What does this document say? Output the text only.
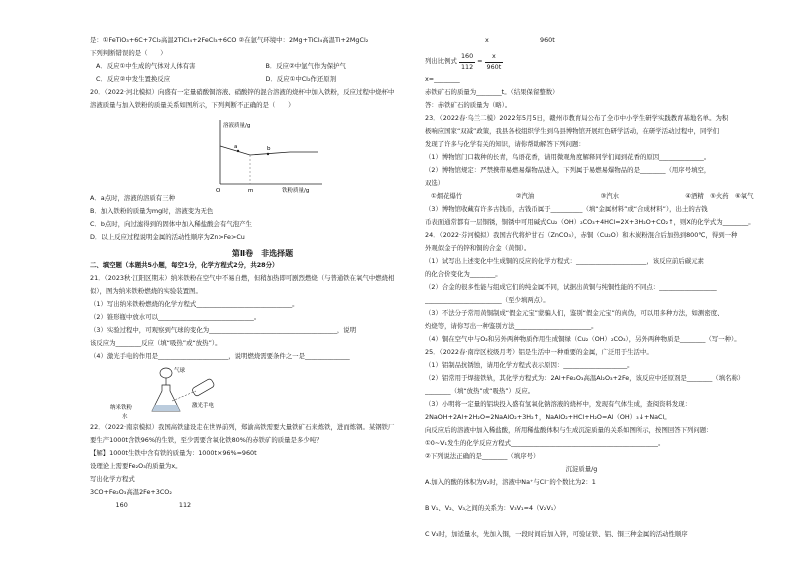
是：①FeTiO₃+6C+7Cl₂高温2TiCl₄+2FeCl₃+6CO ②在氩气环境中：2Mg+TiCl₄高温Ti+2MgCl₂
下列判断错误的是（　　）
A．反应①中生成的气体对人体有害	B．反应②中氩气作为保护气
C．反应②中发生置换反应	D．反应①中Cl₂作还原剂
20．（2022·河北模拟）向盛有一定量硝酸铜溶液、硝酸锌的混合溶液的烧杯中加入铁粉，反应过程中烧杯中
溶液质量与加入铁粉的质量关系如图所示，下列判断不正确的是（　　）
溶液质量/g
a	b
O	m	铁粉质量/g
A．a点时，溶液的溶质有三种
B．加入铁粉的质量为mg时，溶液变为无色
C．b点时，向过滤得到的固体中加入稀盐酸会有气泡产生
D．以上反应过程说明金属的活动性顺序为Zn>Fe>Cu
第Ⅱ卷　非选择题
二、填空题（本题共5小题，每空1分，化学方程式2分，共28分）
21．（2023秋·江阳区期末）纳米铁粉在空气中不易自燃，但稍加热即可剧烈燃烧（与普通铁在氧气中燃烧相
似），图为纳米铁粉燃烧的实验装置图。
（1）写出纳米铁粉燃烧的化学方程式______________________________。
（2）锥形瓶中放水可以______________________________。
（3）实验过程中，可观察到气球的变化为________________________________________，说明
该反应为________反应（填“吸热”或“放热”）。
（4）激光手电的作用是______________________，说明燃烧需要条件之一是______________
气球
纳米铁粉
水
激光手电
22．（2022·南京模拟）我国高铁建设走在世界前列，郑渝高铁需要大量铁矿石来炼铁，进而炼钢。某钢铁厂
要生产1000t含铁96%的生铁，至少需要含氧化铁80%的赤铁矿的质量是多少吨？
【解】1000t生铁中含有铁的质量为：1000t×96%=960t
设理论上需要Fe₂O₃的质量为x。
写出化学方程式
3CO+Fe₂O₃高温2Fe+3CO₂
　　　　160　　　　　　　　112
x	960t
列出比例式 $\frac{160}{112} = \frac{x}{960t}$
x=________
赤铁矿石的质量为________t。（结果保留整数）
答：赤铁矿石的质量为（略）。
23．（2022春·乌兰二模）2022年5月5日，赣州市教育局公布了全市中小学生研学实践教育基地名单。为积
极响应国家“双减”政策，我县各校组织学生到乌县博物馆开展红色研学活动，在研学活动过程中，同学们
发现了许多与化学有关的知识，请你帮助解答下列问题：
（1）博物馆门口栽种的长青，鸟语花香，请用微观角度解释同学们闻到花香的原因______________。
（2）博物馆规定：严禁携带易燃易爆物品进入，下列属于易燃易爆物品的是________（用序号填空，
双选）
①烟花爆竹	②汽油	③汽水	④酒精　⑤火药　⑥氧气
（3）博物馆收藏有许多古钱币，古钱币属于__________（填“金属材料”或“合成材料”），出土的古钱
币表面通常都有一层铜锈，铜锈中可用碱式Cu₂（OH）₂CO₃+4HCl=2X+3H₂O+CO₂↑，则X的化学式为________。
24．（2022·芬河模拟）我国古代将炉甘石（ZnCO₃），赤铜（Cu₂O）和木炭粉混合后加热到800℃，得到一种
外观似金子的锌和铜的合金（黄铜）。
（1）试写出上述变化中生成铜的反应的化学方程式：______________________，该反应前后碳元素
的化合价变化为________。
（2）合金的很多性能与组成它们的纯金属不同，试据出黄铜与纯铜性能的不同点：__________________
________________________（至少填两点）。
（3）不法分子常用黄铜制成“假金元宝”蒙骗人们，鉴别“假金元宝”的真伪，可以用多种方法，如测密度、
灼烧等，请你写出一种鉴别方法________________________。
（4）铜在空气中与O₂和另外两种物质作用生成铜绿（Cu₂（OH）₂CO₃），另外两种物质是________（写一种）。
25．（2022春·南岸区校级月考）铝是生活中一种重要的金属，广泛用于生活中。
（1）铝制品抗锈蚀，请用化学方程式表示原因：____________________。
（2）铝常用于焊接铁轨，其化学方程式为：2Al+Fe₂O₃高温Al₂O₃+2Fe，该反应中还原剂是________（填名称）
________（填“放热”或“吸热”）反应。
（3）小明将一定量的铝块投入盛有氢氧化钠溶液的烧杯中，发现有气体生成，查阅资料发现：
2NaOH+2Al+2H₂O=2NaAlO₂+3H₂↑，NaAlO₂+HCl+H₂O=Al（OH）₃↓+NaCl。
向反应后的溶液中加入稀盐酸，所用稀盐酸体积与生成沉淀质量的关系如图所示，按图回答下列问题：
①0~V₁发生的化学反应方程式______________________________________________。
②下列说法正确的是________（填序号）
　　　　　　　　　　　　　　　　　　　　　　沉淀质量/g
A.加入的酸的体积为V₂时，溶液中Na⁺与Cl⁻的个数比为2：1
B V₁、V₂、V₃之间的关系为：V₃V₁=4（V₂V₁）
C V₃时，加适量水，先加入铜，一段时间后加入锌，可验证铁、铝、铜三种金属的活动性顺序
